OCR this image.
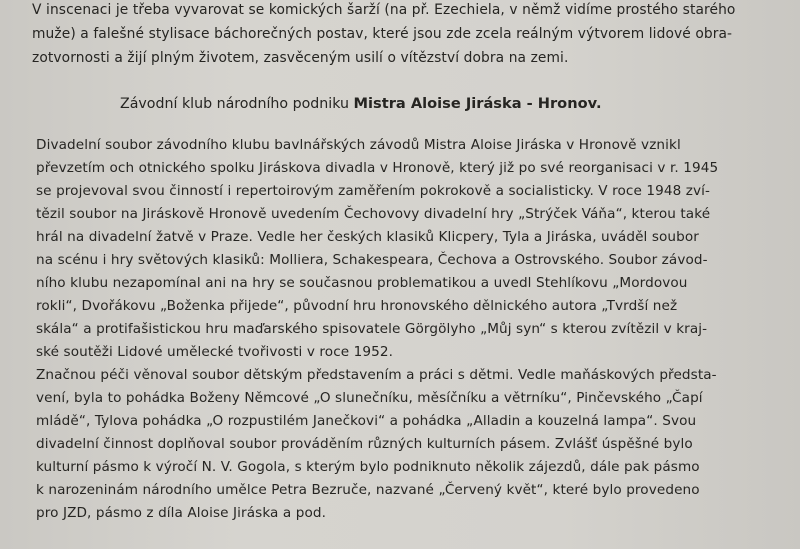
V inscenaci je třeba vyvarovat se komických šarží (na př. Ezechiela, v němž vidíme prostého starého
muže) a falešné stylisace báchorečných postav, které jsou zde zcela reálným výtvorem lidové obra-
zotvornosti a žijí plným životem, zasvěceným usilí o vítězství dobra na zemi.
Závodní klub národního podniku Mistra Aloise Jiráska - Hronov.
Divadelní soubor závodního klubu bavlnářských závodů Mistra Aloise Jiráska v Hronově vznikl
převzetím och otnického spolku Jiráskova divadla v Hronově, který již po své reorganisaci v r. 1945
se projevoval svou činností i repertoirovým zaměřením pokrokově a socialisticky. V roce 1948 zví-
tězil soubor na Jiráskově Hronově uvedením Čechovovy divadelní hry „Strýček Váňa“, kterou také
hrál na divadelní žatvě v Praze. Vedle her českých klasiků Klicpery, Tyla a Jiráska, uváděl soubor
na scénu i hry světových klasiků: Molliera, Schakespeara, Čechova a Ostrovského. Soubor závod-
ního klubu nezapomínal ani na hry se současnou problematikou a uvedl Stehlíkovu „Mordovou
rokli“, Dvořákovu „Boženka přijede“, původní hru hronovského dělnického autora „Tvrdší než
skála“ a protifašistickou hru maďarského spisovatele Görgölyho „Můj syn“ s kterou zvítězil v kraj-
ské soutěži Lidové umělecké tvořivosti v roce 1952.
Značnou péči věnoval soubor dětským představením a práci s dětmi. Vedle maňáskových předsta-
vení, byla to pohádka Boženy Němcové „O slunečníku, měsíčníku a větrníku“, Pinčevského „Čapí
mládě“, Tylova pohádka „O rozpustilém Janečkovi“ a pohádka „Alladin a kouzelná lampa“. Svou
divadelní činnost doplňoval soubor prováděním různých kulturních pásem. Zvlášť úspěšné bylo
kulturní pásmo k výročí N. V. Gogola, s kterým bylo podniknuto několik zájezdů, dále pak pásmo
k narozeninám národního umělce Petra Bezruče, nazvané „Červený květ“, které bylo provedeno
pro JZD, pásmo z díla Aloise Jiráska a pod.
